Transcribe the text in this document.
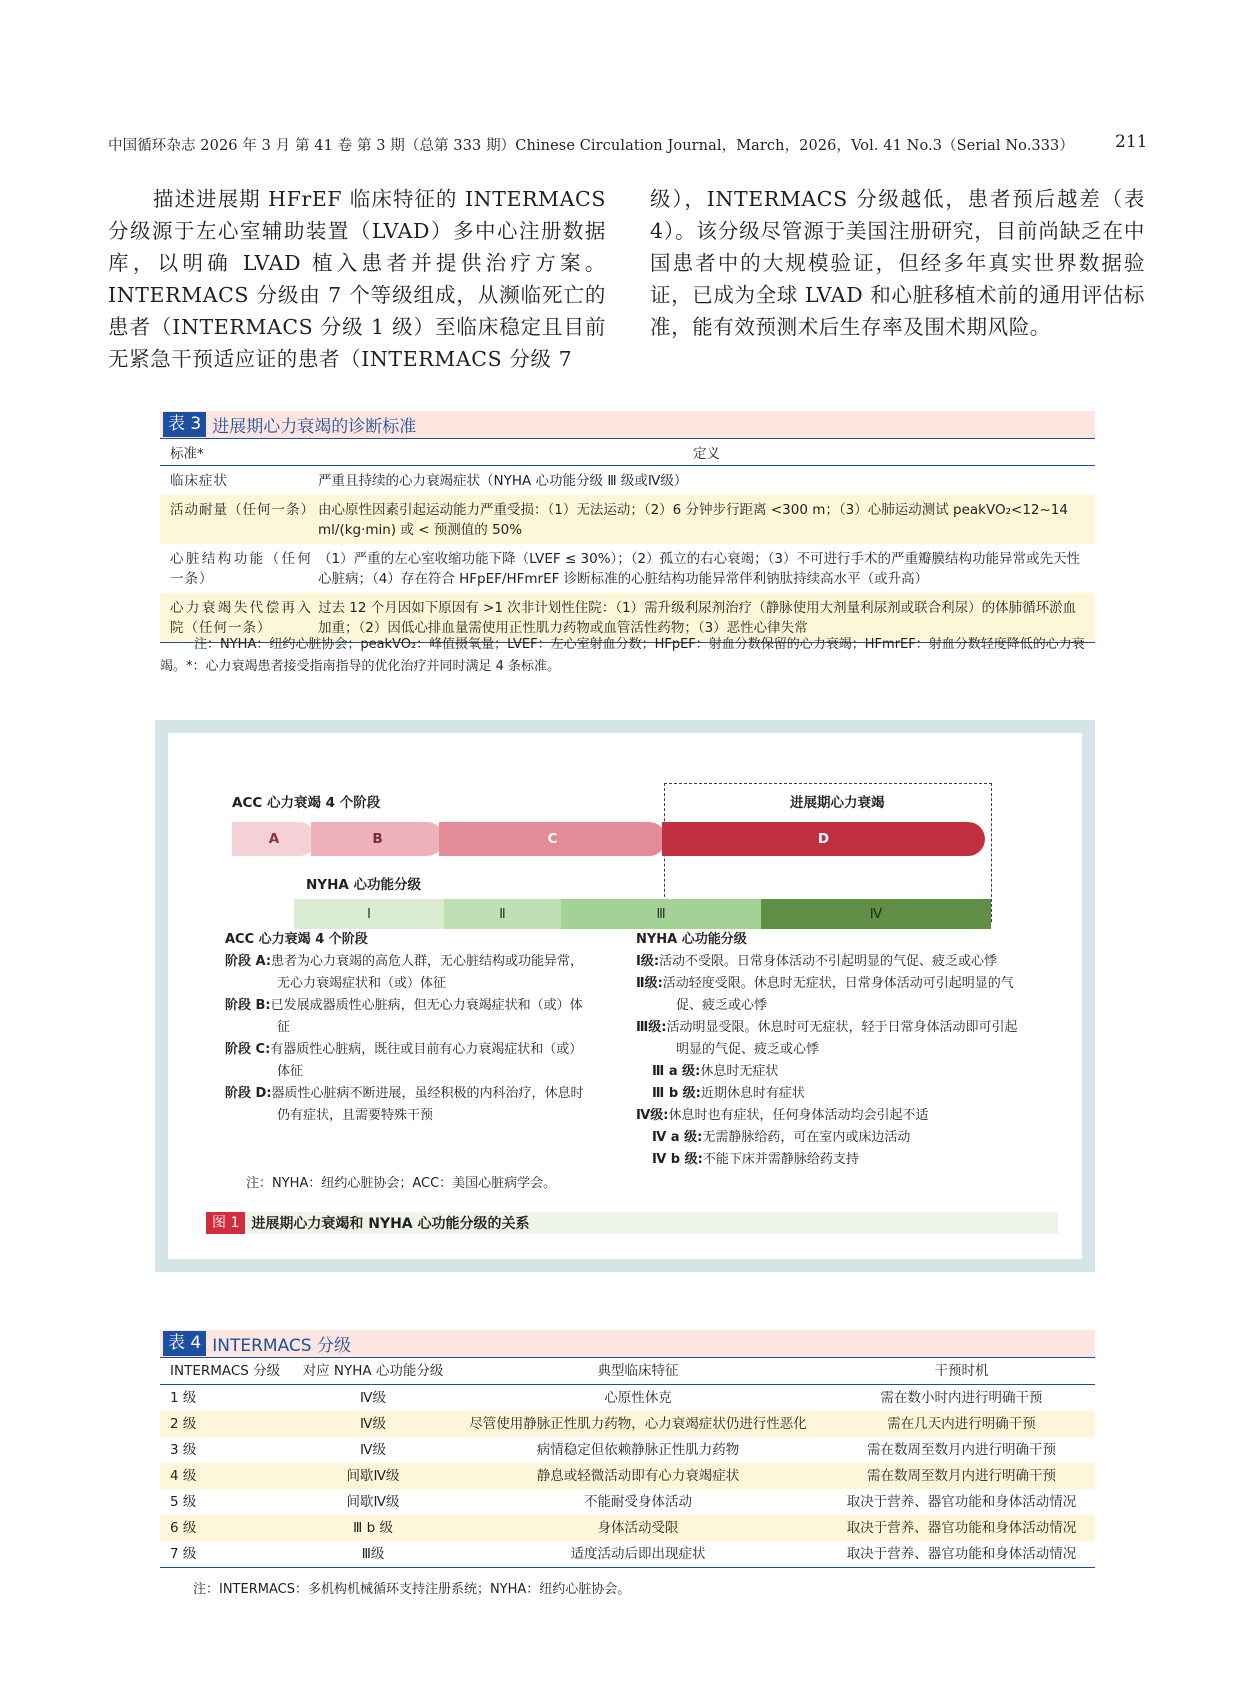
中国循环杂志 2026 年 3 月 第 41 卷 第 3 期（总第 333 期）Chinese Circulation Journal，March，2026，Vol. 41 No.3（Serial No.333） 211
描述进展期 HFrEF 临床特征的 INTERMACS 分级源于左心室辅助装置（LVAD）多中心注册数据库，以明确 LVAD 植入患者并提供治疗方案。INTERMACS 分级由 7 个等级组成，从濒临死亡的患者（INTERMACS 分级 1 级）至临床稳定且目前无紧急干预适应证的患者（INTERMACS 分级 7
级），INTERMACS 分级越低，患者预后越差（表 4）。该分级尽管源于美国注册研究，目前尚缺乏在中国患者中的大规模验证，但经多年真实世界数据验证，已成为全球 LVAD 和心脏移植术前的通用评估标准，能有效预测术后生存率及围术期风险。
表 3 进展期心力衰竭的诊断标准
标准*	定义
临床症状	严重且持续的心力衰竭症状（NYHA 心功能分级 Ⅲ 级或Ⅳ级）
活动耐量（任何一条）	由心原性因素引起运动能力严重受损：（1）无法运动；（2）6 分钟步行距离 <300 m；（3）心肺运动测试 peakVO₂<12~14 ml/(kg·min) 或 < 预测值的 50%
心脏结构功能（任何一条）	（1）严重的左心室收缩功能下降（LVEF ≤ 30%）；（2）孤立的右心衰竭；（3）不可进行手术的严重瓣膜结构功能异常或先天性心脏病；（4）存在符合 HFpEF/HFmrEF 诊断标准的心脏结构功能异常伴利钠肽持续高水平（或升高）
心力衰竭失代偿再入院（任何一条）	过去 12 个月因如下原因有 >1 次非计划性住院：（1）需升级利尿剂治疗（静脉使用大剂量利尿剂或联合利尿）的体肺循环淤血加重；（2）因低心排血量需使用正性肌力药物或血管活性药物；（3）恶性心律失常
注：NYHA：纽约心脏协会；peakVO₂：峰值摄氧量；LVEF：左心室射血分数；HFpEF：射血分数保留的心力衰竭；HFmrEF：射血分数轻度降低的心力衰竭。*：心力衰竭患者接受指南指导的优化治疗并同时满足 4 条标准。
ACC 心力衰竭 4 个阶段	进展期心力衰竭
A	B	C	D
NYHA 心功能分级
Ⅰ	Ⅱ	Ⅲ	Ⅳ
ACC 心力衰竭 4 个阶段
阶段 A:患者为心力衰竭的高危人群，无心脏结构或功能异常，无心力衰竭症状和（或）体征
阶段 B:已发展成器质性心脏病，但无心力衰竭症状和（或）体征
阶段 C:有器质性心脏病，既往或目前有心力衰竭症状和（或）体征
阶段 D:器质性心脏病不断进展，虽经积极的内科治疗，休息时仍有症状，且需要特殊干预
NYHA 心功能分级
Ⅰ级:活动不受限。日常身体活动不引起明显的气促、疲乏或心悸
Ⅱ级:活动轻度受限。休息时无症状，日常身体活动可引起明显的气促、疲乏或心悸
Ⅲ级:活动明显受限。休息时可无症状，轻于日常身体活动即可引起明显的气促、疲乏或心悸
Ⅲ a 级:休息时无症状
Ⅲ b 级:近期休息时有症状
Ⅳ级:休息时也有症状，任何身体活动均会引起不适
Ⅳ a 级:无需静脉给药，可在室内或床边活动
Ⅳ b 级:不能下床并需静脉给药支持
注：NYHA：纽约心脏协会；ACC：美国心脏病学会。
图 1 进展期心力衰竭和 NYHA 心功能分级的关系
表 4 INTERMACS 分级
INTERMACS 分级	对应 NYHA 心功能分级	典型临床特征	干预时机
1 级	Ⅳ级	心原性休克	需在数小时内进行明确干预
2 级	Ⅳ级	尽管使用静脉正性肌力药物，心力衰竭症状仍进行性恶化	需在几天内进行明确干预
3 级	Ⅳ级	病情稳定但依赖静脉正性肌力药物	需在数周至数月内进行明确干预
4 级	间歇Ⅳ级	静息或轻微活动即有心力衰竭症状	需在数周至数月内进行明确干预
5 级	间歇Ⅳ级	不能耐受身体活动	取决于营养、器官功能和身体活动情况
6 级	Ⅲ b 级	身体活动受限	取决于营养、器官功能和身体活动情况
7 级	Ⅲ级	适度活动后即出现症状	取决于营养、器官功能和身体活动情况
注：INTERMACS：多机构机械循环支持注册系统；NYHA：纽约心脏协会。
